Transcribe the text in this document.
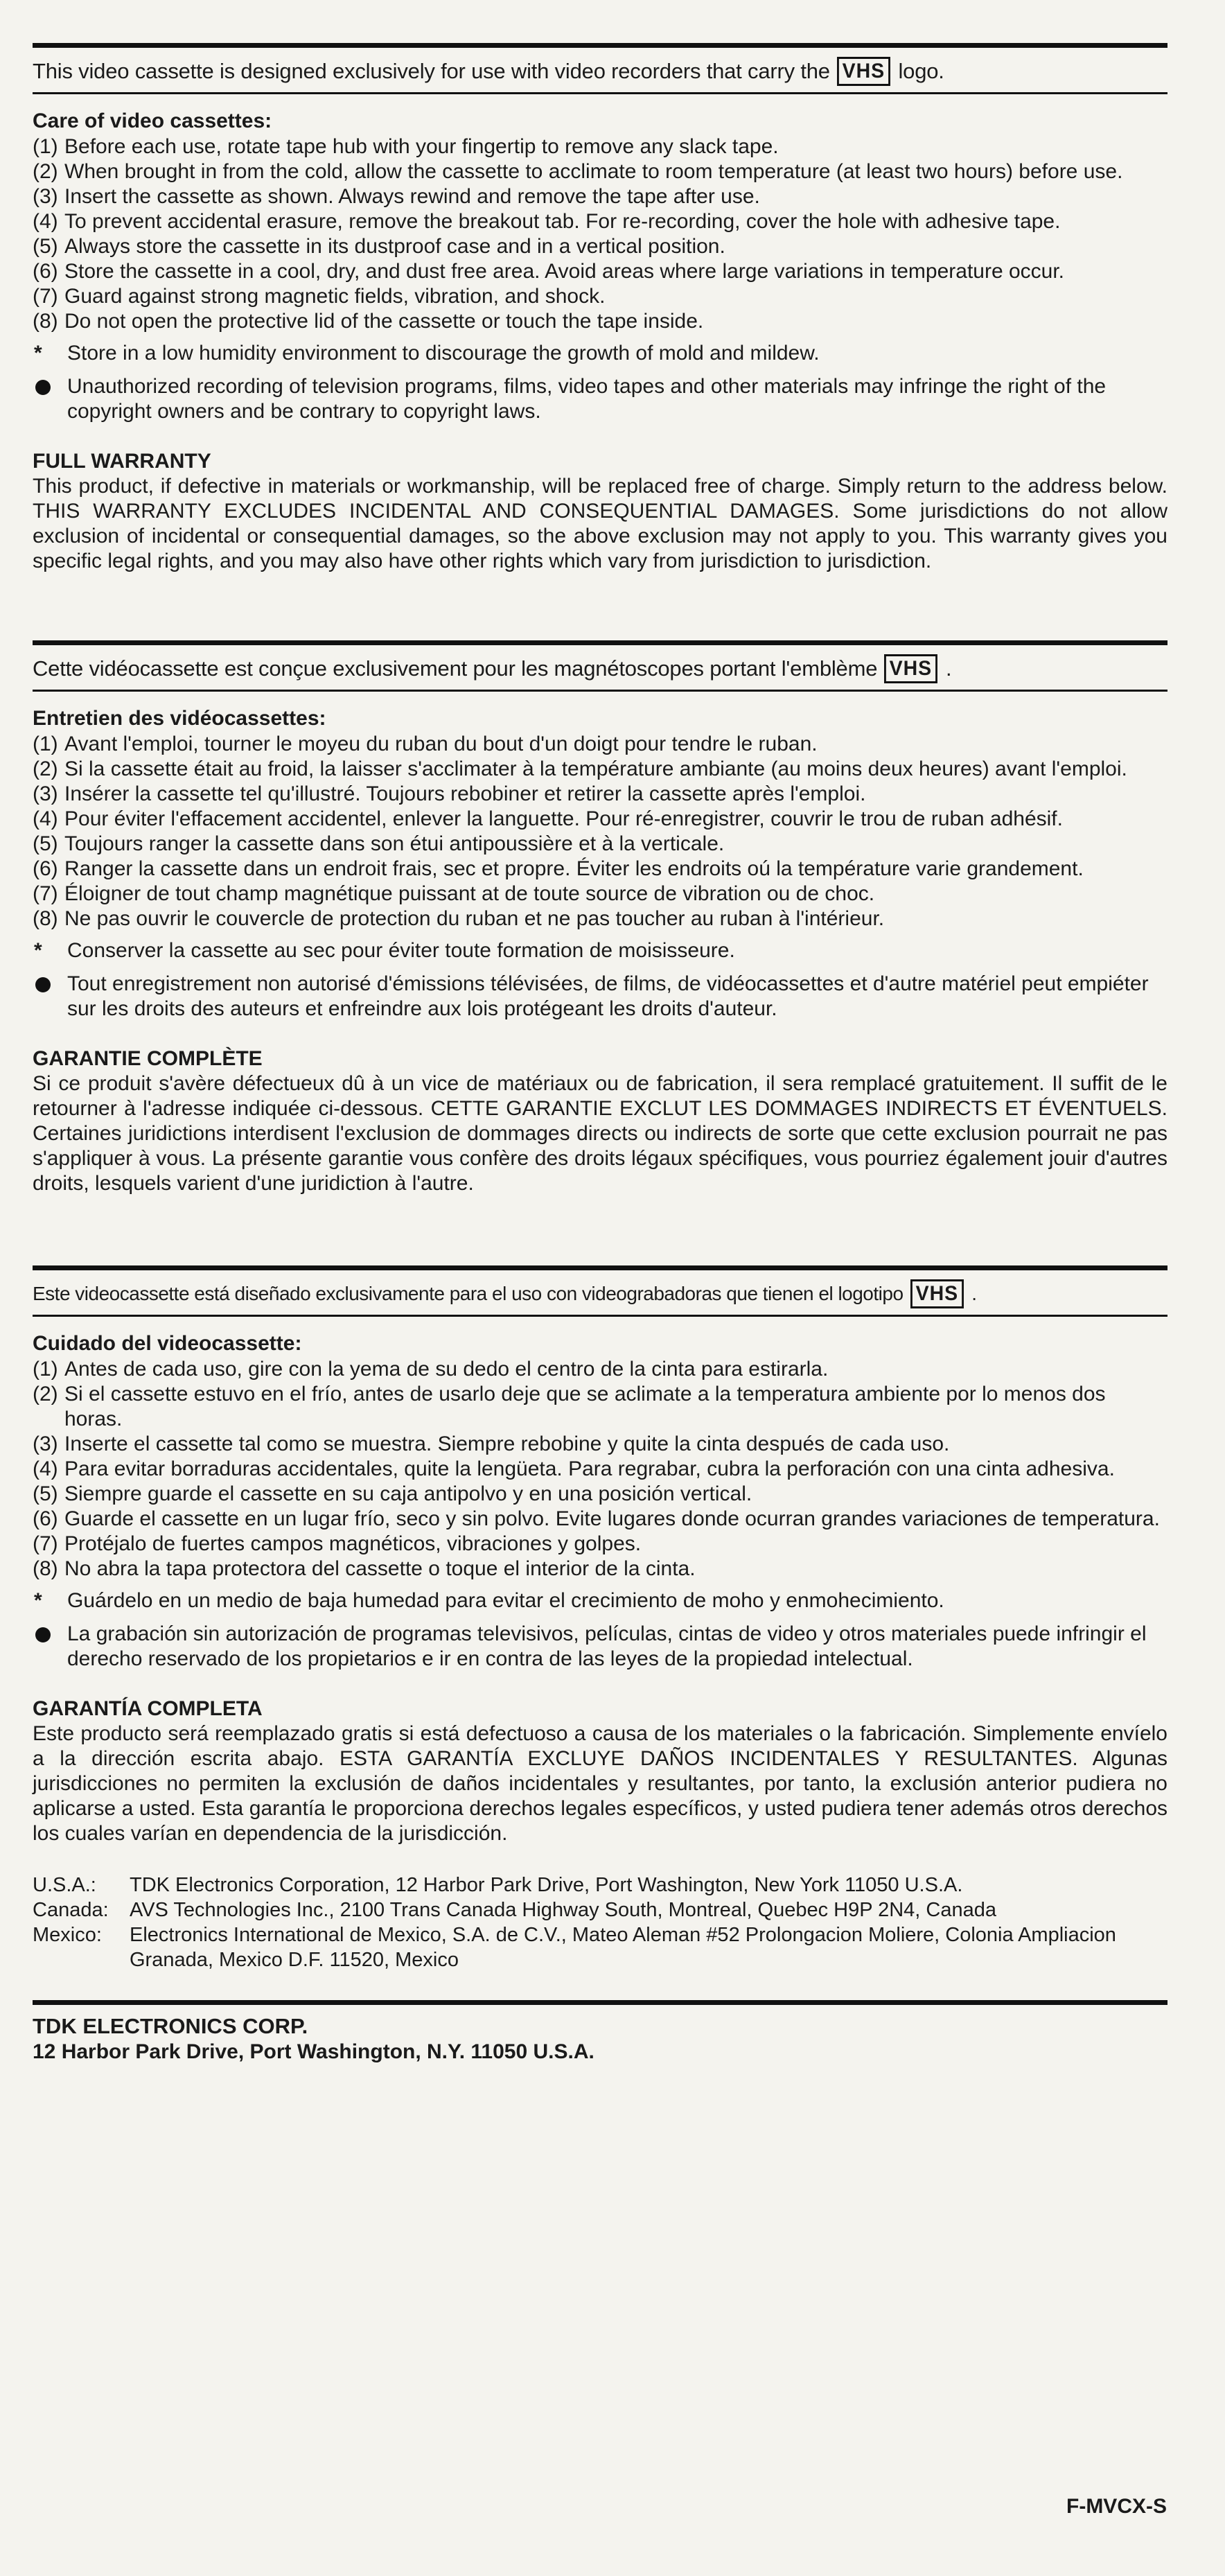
This video cassette is designed exclusively for use with video recorders that carry the VHS logo.
Care of video cassettes:
(1) Before each use, rotate tape hub with your fingertip to remove any slack tape.
(2) When brought in from the cold, allow the cassette to acclimate to room temperature (at least two hours) before use.
(3) Insert the cassette as shown. Always rewind and remove the tape after use.
(4) To prevent accidental erasure, remove the breakout tab. For re-recording, cover the hole with adhesive tape.
(5) Always store the cassette in its dustproof case and in a vertical position.
(6) Store the cassette in a cool, dry, and dust free area. Avoid areas where large variations in temperature occur.
(7) Guard against strong magnetic fields, vibration, and shock.
(8) Do not open the protective lid of the cassette or touch the tape inside.
* Store in a low humidity environment to discourage the growth of mold and mildew.
Unauthorized recording of television programs, films, video tapes and other materials may infringe the right of the copyright owners and be contrary to copyright laws.
FULL WARRANTY

This product, if defective in materials or workmanship, will be replaced free of charge. Simply return to the address below. THIS WARRANTY EXCLUDES INCIDENTAL AND CONSEQUENTIAL DAMAGES. Some jurisdictions do not allow exclusion of incidental or consequential damages, so the above exclusion may not apply to you. This warranty gives you specific legal rights, and you may also have other rights which vary from jurisdiction to jurisdiction.

Cette vidéocassette est conçue exclusivement pour les magnétoscopes portant l'emblème VHS .
Entretien des vidéocassettes:
(1) Avant l'emploi, tourner le moyeu du ruban du bout d'un doigt pour tendre le ruban.
(2) Si la cassette était au froid, la laisser s'acclimater à la température ambiante (au moins deux heures) avant l'emploi.
(3) Insérer la cassette tel qu'illustré. Toujours rebobiner et retirer la cassette après l'emploi.
(4) Pour éviter l'effacement accidentel, enlever la languette. Pour ré-enregistrer, couvrir le trou de ruban adhésif.
(5) Toujours ranger la cassette dans son étui antipoussière et à la verticale.
(6) Ranger la cassette dans un endroit frais, sec et propre. Éviter les endroits oú la température varie grandement.
(7) Éloigner de tout champ magnétique puissant at de toute source de vibration ou de choc.
(8) Ne pas ouvrir le couvercle de protection du ruban et ne pas toucher au ruban à l'intérieur.
* Conserver la cassette au sec pour éviter toute formation de moisisseure.
Tout enregistrement non autorisé d'émissions télévisées, de films, de vidéocassettes et d'autre matériel peut empiéter sur les droits des auteurs et enfreindre aux lois protégeant les droits d'auteur.
GARANTIE COMPLÈTE

Si ce produit s'avère défectueux dû à un vice de matériaux ou de fabrication, il sera remplacé gratuitement. Il suffit de le retourner à l'adresse indiquée ci-dessous. CETTE GARANTIE EXCLUT LES DOMMAGES INDIRECTS ET ÉVENTUELS. Certaines juridictions interdisent l'exclusion de dommages directs ou indirects de sorte que cette exclusion pourrait ne pas s'appliquer à vous. La présente garantie vous confère des droits légaux spécifiques, vous pourriez également jouir d'autres droits, lesquels varient d'une juridiction à l'autre.

Este videocassette está diseñado exclusivamente para el uso con videograbadoras que tienen el logotipo VHS .
Cuidado del videocassette:
(1) Antes de cada uso, gire con la yema de su dedo el centro de la cinta para estirarla.
(2) Si el cassette estuvo en el frío, antes de usarlo deje que se aclimate a la temperatura ambiente por lo menos dos horas.
(3) Inserte el cassette tal como se muestra. Siempre rebobine y quite la cinta después de cada uso.
(4) Para evitar borraduras accidentales, quite la lengüeta. Para regrabar, cubra la perforación con una cinta adhesiva.
(5) Siempre guarde el cassette en su caja antipolvo y en una posición vertical.
(6) Guarde el cassette en un lugar frío, seco y sin polvo. Evite lugares donde ocurran grandes variaciones de temperatura.
(7) Protéjalo de fuertes campos magnéticos, vibraciones y golpes.
(8) No abra la tapa protectora del cassette o toque el interior de la cinta.
* Guárdelo en un medio de baja humedad para evitar el crecimiento de moho y enmohecimiento.
La grabación sin autorización de programas televisivos, películas, cintas de video y otros materiales puede infringir el derecho reservado de los propietarios e ir en contra de las leyes de la propiedad intelectual.
GARANTÍA COMPLETA

Este producto será reemplazado gratis si está defectuoso a causa de los materiales o la fabricación. Simplemente envíelo a la dirección escrita abajo. ESTA GARANTÍA EXCLUYE DAÑOS INCIDENTALES Y RESULTANTES. Algunas jurisdicciones no permiten la exclusión de daños incidentales y resultantes, por tanto, la exclusión anterior pudiera no aplicarse a usted. Esta garantía le proporciona derechos legales específicos, y usted pudiera tener además otros derechos los cuales varían en dependencia de la jurisdicción.

U.S.A.:	TDK Electronics Corporation, 12 Harbor Park Drive, Port Washington, New York 11050 U.S.A.
Canada:	AVS Technologies Inc., 2100 Trans Canada Highway South, Montreal, Quebec H9P 2N4, Canada
Mexico:	Electronics International de Mexico, S.A. de C.V., Mateo Aleman #52 Prolongacion Moliere, Colonia Ampliacion Granada, Mexico D.F. 11520, Mexico
TDK ELECTRONICS CORP.
12 Harbor Park Drive, Port Washington, N.Y. 11050 U.S.A.
F-MVCX-S
